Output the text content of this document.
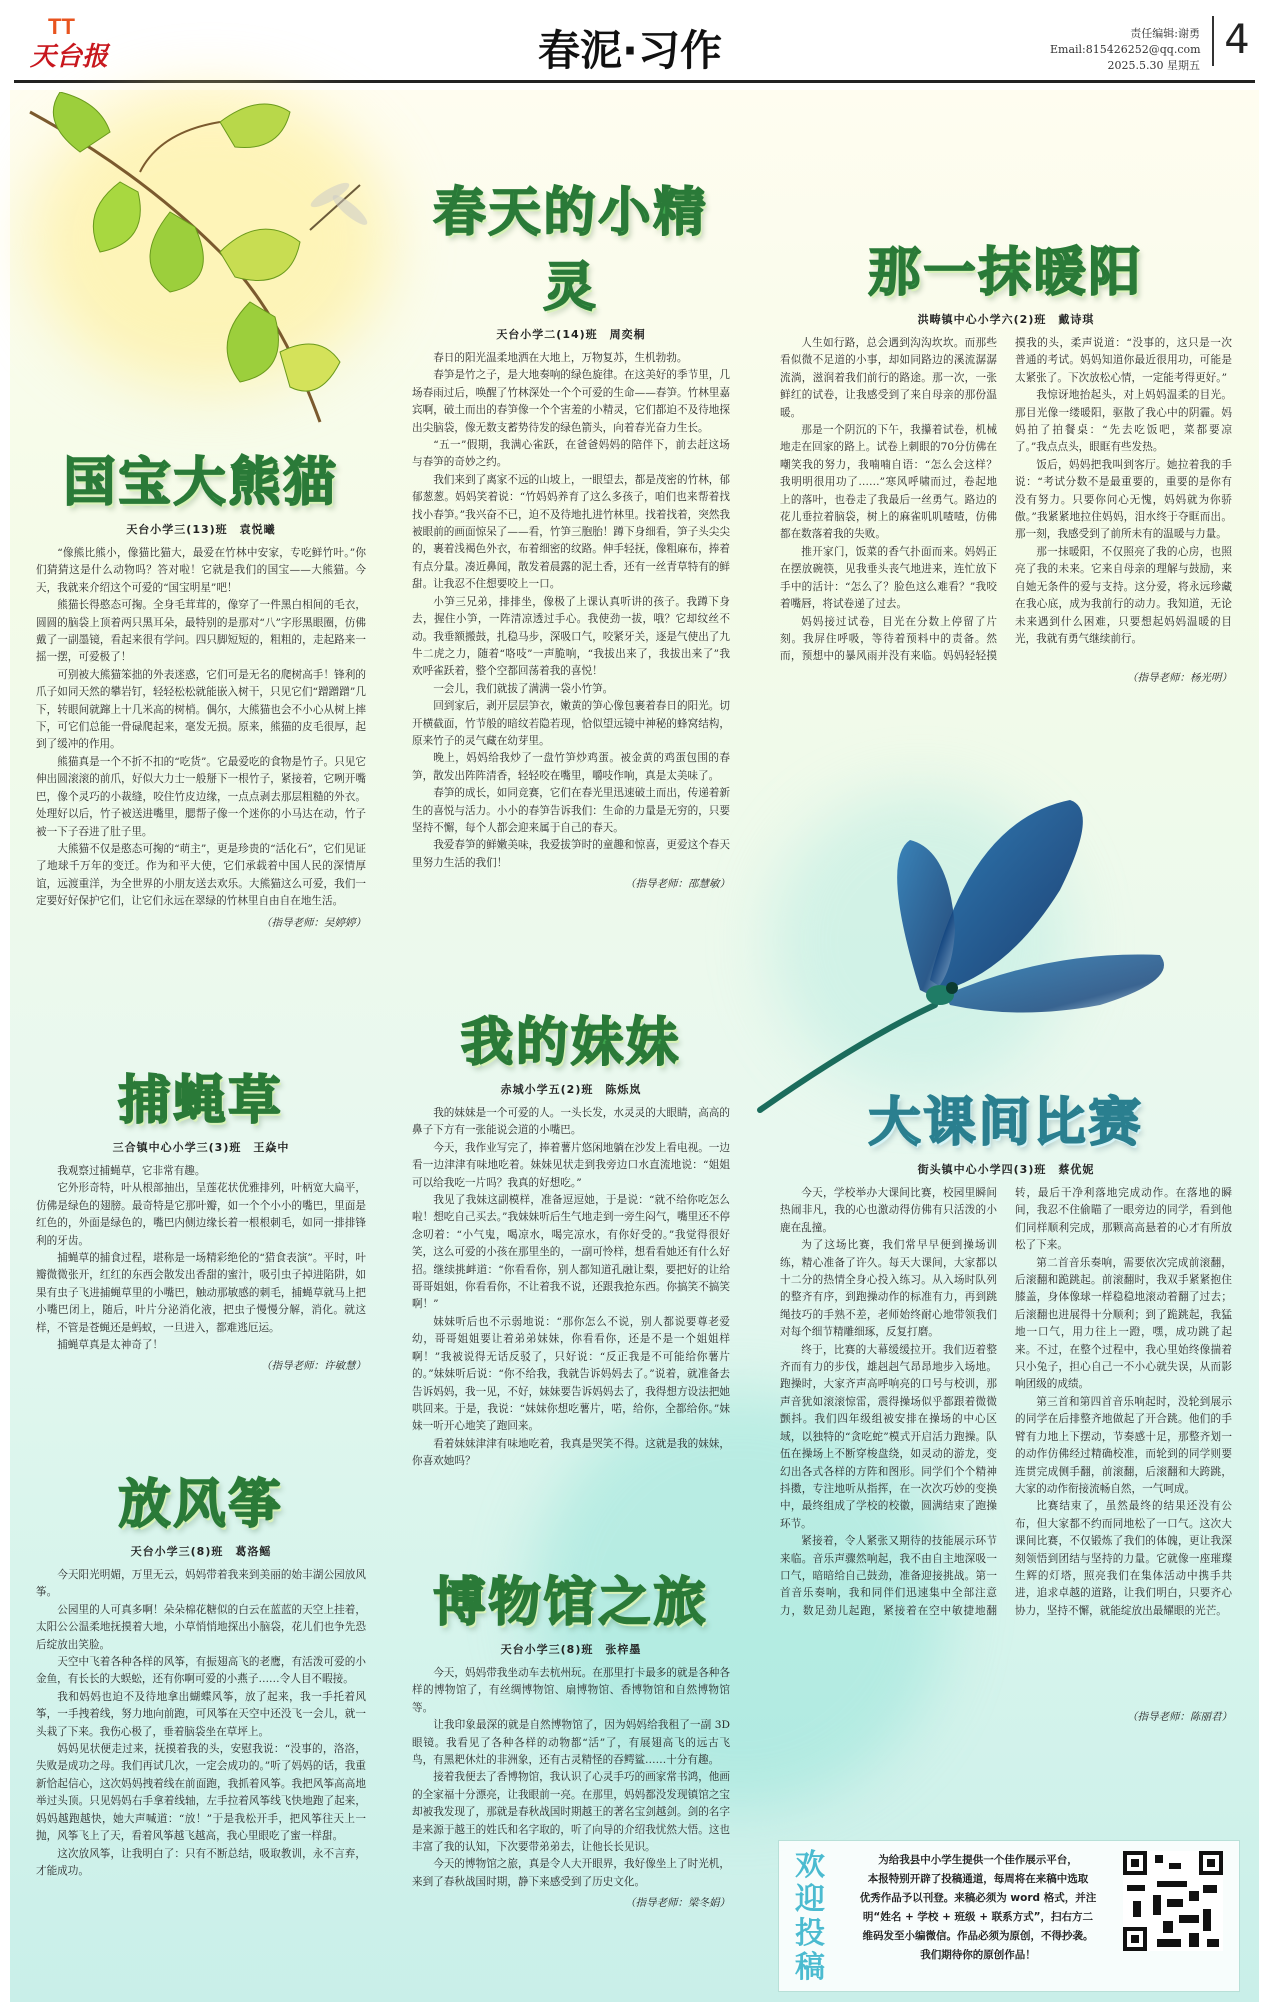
TT
天台报	春泥·习作	责任编辑:谢勇
Email:815426252@qq.com
2025.5.30 星期五
4
国宝大熊猫
天台小学三(13)班　袁悦曦

“像熊比熊小，像猫比猫大，最爱在竹林中安家，专吃鲜竹叶。”你们猜猜这是什么动物吗？答对啦！它就是我们的国宝——大熊猫。今天，我就来介绍这个可爱的“国宝明星”吧！

熊猫长得憨态可掬。全身毛茸茸的，像穿了一件黑白相间的毛衣，圆圆的脑袋上顶着两只黑耳朵，最特别的是那对“八”字形黑眼圈，仿佛戴了一副墨镜，看起来很有学问。四只脚短短的，粗粗的，走起路来一摇一摆，可爱极了！

可别被大熊猫笨拙的外表迷惑，它们可是无名的爬树高手！锋利的爪子如同天然的攀岩钉，轻轻松松就能嵌入树干，只见它们“蹭蹭蹭”几下，转眼间就蹿上十几米高的树梢。偶尔，大熊猫也会不小心从树上摔下，可它们总能一骨碌爬起来，毫发无损。原来，熊猫的皮毛很厚，起到了缓冲的作用。

熊猫真是一个不折不扣的“吃货”。它最爱吃的食物是竹子。只见它伸出圆滚滚的前爪，好似大力士一般掰下一根竹子，紧接着，它咧开嘴巴，像个灵巧的小裁缝，咬住竹皮边缘，一点点剥去那层粗糙的外衣。处理好以后，竹子被送进嘴里，腮帮子像一个迷你的小马达在动，竹子被一下子吞进了肚子里。

大熊猫不仅是憨态可掬的“萌主”，更是珍贵的“活化石”，它们见证了地球千万年的变迁。作为和平大使，它们承载着中国人民的深情厚谊，远渡重洋，为全世界的小朋友送去欢乐。大熊猫这么可爱，我们一定要好好保护它们，让它们永远在翠绿的竹林里自由自在地生活。

（指导老师：吴婷婷）
捕蝇草
三合镇中心小学三(3)班　王焱中

我观察过捕蝇草，它非常有趣。

它外形奇特，叶从根部抽出，呈莲花状优雅排列，叶柄宽大扁平，仿佛是绿色的翅膀。最奇特是它那叶瓣，如一个个小小的嘴巴，里面是红色的，外面是绿色的，嘴巴内侧边缘长着一根根刺毛，如同一排排锋利的牙齿。

捕蝇草的捕食过程，堪称是一场精彩绝伦的“猎食表演”。平时，叶瓣微微张开，红红的东西会散发出香甜的蜜汁，吸引虫子掉进陷阱，如果有虫子飞进捕蝇草里的小嘴巴，触动那敏感的刺毛，捕蝇草就马上把小嘴巴闭上，随后，叶片分泌消化液，把虫子慢慢分解，消化。就这样，不管是苍蝇还是蚂蚁，一旦进入，都难逃厄运。

捕蝇草真是太神奇了！

（指导老师：许敏慧）
放风筝
天台小学三(8)班　葛洛鳐

今天阳光明媚，万里无云，妈妈带着我来到美丽的始丰湖公园放风筝。

公园里的人可真多啊！朵朵棉花糖似的白云在蓝蓝的天空上挂着，太阳公公温柔地抚摸着大地，小草悄悄地探出小脑袋，花儿们也争先恐后绽放出笑脸。

天空中飞着各种各样的风筝，有振翅高飞的老鹰，有活泼可爱的小金鱼，有长长的大蜈蚣，还有你啊可爱的小燕子……令人目不暇接。

我和妈妈也迫不及待地拿出蝴蝶风筝，放了起来，我一手托着风筝，一手拽着线，努力地向前跑，可风筝在天空中还没飞一会儿，就一头栽了下来。我伤心极了，垂着脑袋坐在草坪上。

妈妈见状便走过来，抚摸着我的头，安慰我说：“没事的，洛洛，失败是成功之母。我们再试几次，一定会成功的。”听了妈妈的话，我重新恰起信心，这次妈妈拽着线在前面跑，我抓着风筝。我把风筝高高地举过头顶。只见妈妈右手拿着线轴，左手拉着风筝线飞快地跑了起来，妈妈越跑越快，她大声喊道：“放！”于是我松开手，把风筝往天上一抛，风筝飞上了天，看着风筝越飞越高，我心里眼吃了蜜一样甜。

这次放风筝，让我明白了：只有不断总结，吸取教训，永不言弃，才能成功。

春天的小精灵
天台小学二(14)班　周奕桐

春日的阳光温柔地洒在大地上，万物复苏，生机勃勃。

春笋是竹之子，是大地奏响的绿色旋律。在这美好的季节里，几场春雨过后，唤醒了竹林深处一个个可爱的生命——春笋。竹林里嘉宾啊，破土而出的春笋像一个个害羞的小精灵，它们都迫不及待地探出尖脑袋，像无数支蓄势待发的绿色箭头，向着春光奋力生长。

“五一”假期，我满心雀跃，在爸爸妈妈的陪伴下，前去赶这场与春笋的奇妙之约。

我们来到了离家不远的山坡上，一眼望去，都是茂密的竹林，郁郁葱葱。妈妈笑着说：“竹妈妈养育了这么多孩子，咱们也来帮着找找小春笋。”我兴奋不已，迫不及待地扎进竹林里。找着找着，突然我被眼前的画面惊呆了——看，竹笋三胞胎！蹲下身细看，笋子头尖尖的，裹着浅褐色外衣，布着细密的纹路。伸手轻抚，像粗麻布，捧着有点分量。凑近鼻闻，散发着晨露的泥土香，还有一丝青草特有的鲜甜。让我忍不住想要咬上一口。

小笋三兄弟，排排坐，像极了上课认真听讲的孩子。我蹲下身去，握住小笋，一阵清凉透过手心。我使劲一拔，哦？它却纹丝不动。我垂额搬鼓，扎稳马步，深吸口气，咬紧牙关，逐是气使出了九牛二虎之力，随着“咯吱”一声脆响，“我拔出来了，我拔出来了”我欢呼雀跃着，整个空都回荡着我的喜悦！

一会儿，我们就拔了满满一袋小竹笋。

回到家后，剥开层层笋衣，嫩黄的笋心像包裹着春日的阳光。切开横截面，竹节般的暗纹若隐若现，恰似望远镜中神秘的蜂窝结构，原来竹子的灵气藏在幼芽里。

晚上，妈妈给我炒了一盘竹笋炒鸡蛋。被金黄的鸡蛋包围的春笋，散发出阵阵清香，轻轻咬在嘴里，嚼吱作响，真是太美味了。

春笋的成长，如同竞赛，它们在春光里迅速破土而出，传递着新生的喜悦与活力。小小的春笋告诉我们：生命的力量是无穷的，只要坚持不懈，每个人都会迎来属于自己的春天。

我爱春笋的鲜嫩美味，我爱拔笋时的童趣和惊喜，更爱这个春天里努力生活的我们！

（指导老师：邵慧敏）
我的妹妹
赤城小学五(2)班　陈烁岚

我的妹妹是一个可爱的人。一头长发，水灵灵的大眼睛，高高的鼻子下方有一张能说会道的小嘴巴。

今天，我作业写完了，捧着薯片悠闲地躺在沙发上看电视。一边看一边津津有味地吃着。妹妹见状走到我旁边口水直流地说：“姐姐可以给我吃一片吗？我真的好想吃。”

我见了我妹这副模样，准备逗逗她，于是说：“就不给你吃怎么啦！想吃自己买去。”我妹妹听后生气地走到一旁生闷气，嘴里还不停念叨着：“小气鬼，喝凉水，喝完凉水，有你好受的。”我觉得很好笑，这么可爱的小孩在那里坐的，一副可怜样，想看看她还有什么好招。继续挑衅道：“你看看你，别人都知道孔融让梨，要把好的让给哥哥姐姐，你看看你，不让着我不说，还跟我抢东西。你搞笑不搞笑啊！”

妹妹听后也不示弱地说：“那你怎么不说，别人都说要尊老爱幼，哥哥姐姐要让着弟弟妹妹，你看看你，还是不是一个姐姐样啊！”我被说得无话反驳了，只好说：“反正我是不可能给你薯片的。”妹妹听后说：“你不给我，我就告诉妈妈去了。”说着，就准备去告诉妈妈，我一见，不好，妹妹要告诉妈妈去了，我得想方设法把她哄回来。于是，我说：“妹妹你想吃薯片，喏，给你，全都给你。”妹妹一听开心地笑了跑回来。

看着妹妹津津有味地吃着，我真是哭笑不得。这就是我的妹妹，你喜欢她吗？

博物馆之旅
天台小学三(8)班　张梓墨

今天，妈妈带我坐动车去杭州玩。在那里打卡最多的就是各种各样的博物馆了，有丝绸博物馆、扇博物馆、香博物馆和自然博物馆等。

让我印象最深的就是自然博物馆了，因为妈妈给我租了一副 3D 眼镜。我看见了各种各样的动物都“活”了，有展翅高飞的远古飞鸟，有黑耙休灶的非洲象，还有古灵精怪的吞鳄鲨……十分有趣。

接着我便去了香博物馆，我认识了心灵手巧的画家常书鸿，他画的全家福十分漂亮，让我眼前一亮。在那里，妈妈都没发现镇馆之宝却被我发现了，那就是春秋战国时期越王的著名宝剑越剑。剑的名字是来源于越王的姓氏和名字取的，听了向导的介绍我忧然大悟。这也丰富了我的认知，下次要带弟弟去，让他长长见识。

今天的博物馆之旅，真是令人大开眼界，我好像坐上了时光机，来到了春秋战国时期，静下来感受到了历史文化。

（指导老师：梁冬娟）
那一抹暖阳
洪畴镇中心小学六(2)班　戴诗琪

人生如行路，总会遇到沟沟坎坎。而那些看似微不足道的小事，却如同路边的溪流潺潺流淌，滋润着我们前行的路途。那一次，一张鲜红的试卷，让我感受到了来自母亲的那份温暖。

那是一个阴沉的下午，我攥着试卷，机械地走在回家的路上。试卷上刺眼的70分仿佛在嘲笑我的努力，我喃喃自语：“怎么会这样？我明明很用功了……”寒风呼啸而过，卷起地上的落叶，也卷走了我最后一丝勇气。路边的花儿垂拉着脑袋，树上的麻雀叽叽喳喳，仿佛都在数落着我的失败。

推开家门，饭菜的香气扑面而来。妈妈正在摆放碗筷，见我垂头丧气地进来，连忙放下手中的活计：“怎么了？脸色这么难看？”我咬着嘴唇，将试卷递了过去。

妈妈接过试卷，目光在分数上停留了片刻。我屏住呼吸，等待着预料中的责备。然而，预想中的暴风雨并没有来临。妈妈轻轻摸摸我的头，柔声说道：“没事的，这只是一次普通的考试。妈妈知道你最近很用功，可能是太紧张了。下次放松心情，一定能考得更好。”

我惊讶地抬起头，对上妈妈温柔的目光。那目光像一缕暖阳，驱散了我心中的阴霾。妈妈拍了拍餐桌：“先去吃饭吧，菜都要凉了。”我点点头，眼眶有些发热。

饭后，妈妈把我叫到客厅。她拉着我的手说：“考试分数不是最重要的，重要的是你有没有努力。只要你问心无愧，妈妈就为你骄傲。”我紧紧地拉住妈妈，泪水终于夺眶而出。那一刻，我感受到了前所未有的温暖与力量。

那一抹暖阳，不仅照亮了我的心房，也照亮了我的未来。它来自母亲的理解与鼓励，来自她无条件的爱与支持。这分爱，将永远珍藏在我心底，成为我前行的动力。我知道，无论未来遇到什么困难，只要想起妈妈温暖的目光，我就有勇气继续前行。

（指导老师：杨光明）
大课间比赛
街头镇中心小学四(3)班　蔡优妮

今天，学校举办大课间比赛，校园里瞬间热闹非凡，我的心也激动得仿佛有只活泼的小鹿在乱撞。

为了这场比赛，我们常早早便到操场训练，精心准备了许久。每天大课间，大家都以十二分的热情全身心投入练习。从入场时队列的整齐有序，到跑操动作的标准有力，再到跳绳技巧的手熟不差，老师始终耐心地带领我们对每个细节精雕细琢，反复打磨。

终于，比赛的大幕缓缓拉开。我们迈着整齐而有力的步伐，雄赳赳气昂昂地步入场地。跑操时，大家齐声高呼响亮的口号与校训，那声音犹如滚滚惊雷，震得操场似乎都跟着微微颤抖。我们四年级组被安排在操场的中心区域，以独特的“贪吃蛇”模式开启活力跑操。队伍在操场上不断穿梭盘绕，如灵动的游龙，变幻出各式各样的方阵和图形。同学们个个精神抖擞，专注地听从指挥，在一次次巧妙的变换中，最终组成了学校的校徽，圆满结束了跑操环节。

紧接着，令人紧张又期待的技能展示环节来临。音乐声骤然响起，我不由自主地深吸一口气，暗暗给自己鼓劲，准备迎接挑战。第一首音乐奏响，我和同伴们迅速集中全部注意力，数足劲儿起跑，紧接着在空中敏捷地翻转，最后干净利落地完成动作。在落地的瞬间，我忍不住偷瞄了一眼旁边的同学，看到他们同样顺利完成，那颗高高悬着的心才有所放松了下来。

第二首音乐奏响，需要依次完成前滚翻，后滚翻和跪跳起。前滚翻时，我双手紧紧抱住膝盖，身体像球一样稳稳地滚动着翻了过去；后滚翻也进展得十分顺利；到了跪跳起，我猛地一口气，用力往上一蹬，嘿，成功跳了起来。不过，在整个过程中，我心里始终像揣着只小兔子，担心自己一不小心就失误，从而影响团级的成绩。

第三首和第四首音乐响起时，没轮到展示的同学在后排整齐地做起了开合跳。他们的手臂有力地上下摆动，节奏感十足，那整齐划一的动作仿佛经过精确校准，而轮到的同学则要连贯完成侧手翻，前滚翻，后滚翻和大跨跳，大家的动作衔接流畅自然，一气呵成。

比赛结束了，虽然最终的结果还没有公布，但大家都不约而同地松了一口气。这次大课间比赛，不仅锻炼了我们的体魄，更让我深刻领悟到团结与坚持的力量。它就像一座璀璨生辉的灯塔，照亮我们在集体活动中携手共进，追求卓越的道路，让我们明白，只要齐心协力，坚持不懈，就能绽放出最耀眼的光芒。

（指导老师：陈丽君）
欢迎投稿
为给我县中小学生提供一个佳作展示平台，
本报特别开辟了投稿通道，每周将在来稿中选取
优秀作品予以刊登。来稿必须为 word 格式，并注
明“姓名 + 学校 + 班级 + 联系方式”，扫右方二
维码发至小编微信。作品必须为原创，不得抄袭。
我们期待你的原创作品！
